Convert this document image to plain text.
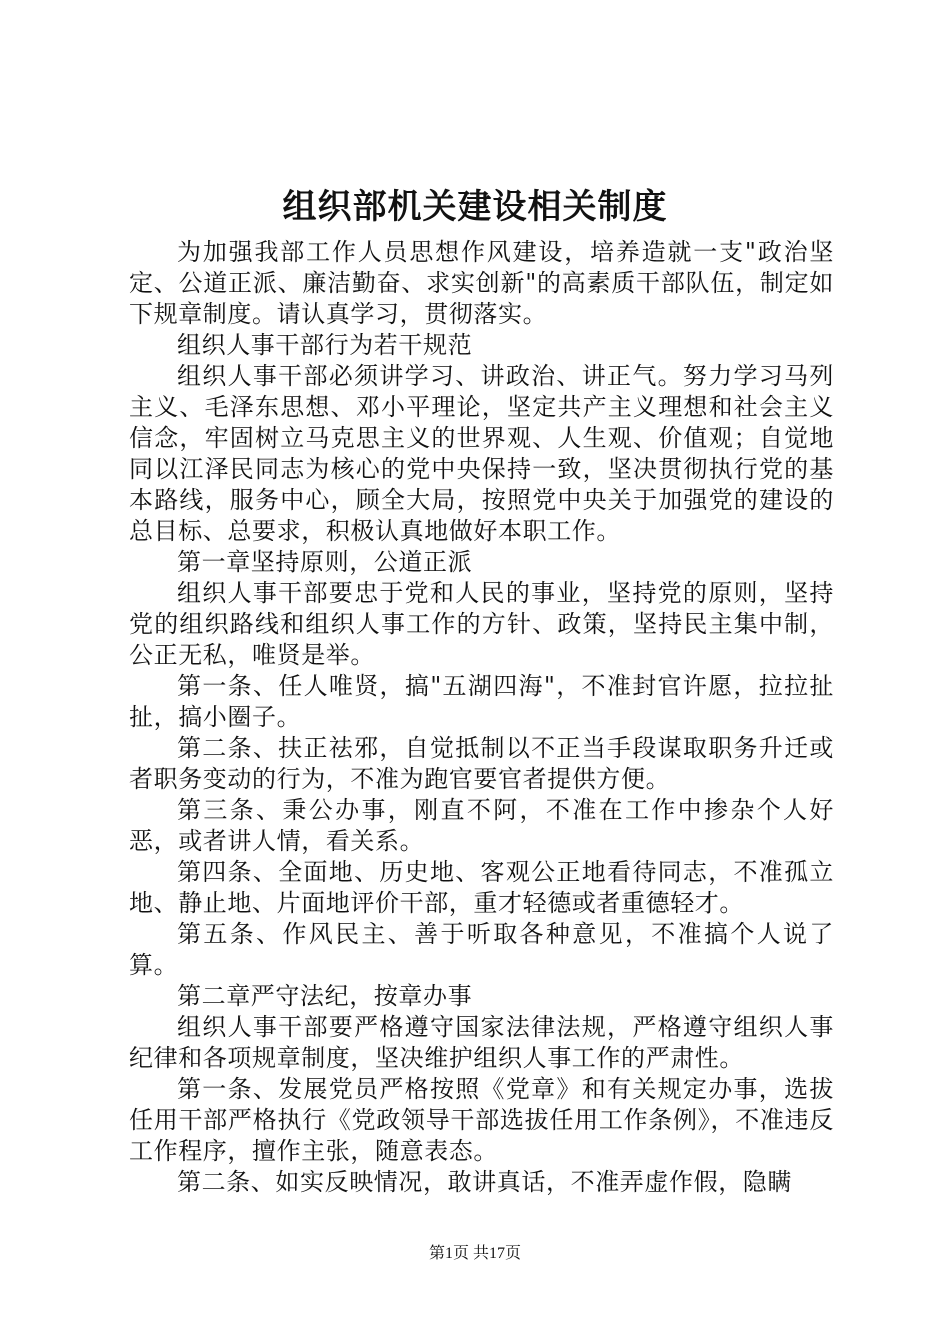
组织部机关建设相关制度

为加强我部工作人员思想作风建设，培养造就一支"政治坚定、公道正派、廉洁勤奋、求实创新"的高素质干部队伍，制定如下规章制度。请认真学习，贯彻落实。

组织人事干部行为若干规范

组织人事干部必须讲学习、讲政治、讲正气。努力学习马列主义、毛泽东思想、邓小平理论，坚定共产主义理想和社会主义信念，牢固树立马克思主义的世界观、人生观、价值观；自觉地同以江泽民同志为核心的党中央保持一致，坚决贯彻执行党的基本路线，服务中心，顾全大局，按照党中央关于加强党的建设的总目标、总要求，积极认真地做好本职工作。

第一章坚持原则，公道正派

组织人事干部要忠于党和人民的事业，坚持党的原则，坚持党的组织路线和组织人事工作的方针、政策，坚持民主集中制，公正无私，唯贤是举。

第一条、任人唯贤，搞"五湖四海"，不准封官许愿，拉拉扯扯，搞小圈子。

第二条、扶正祛邪，自觉抵制以不正当手段谋取职务升迁或者职务变动的行为，不准为跑官要官者提供方便。

第三条、秉公办事，刚直不阿，不准在工作中掺杂个人好恶，或者讲人情，看关系。

第四条、全面地、历史地、客观公正地看待同志，不准孤立地、静止地、片面地评价干部，重才轻德或者重德轻才。

第五条、作风民主、善于听取各种意见，不准搞个人说了算。

第二章严守法纪，按章办事

组织人事干部要严格遵守国家法律法规，严格遵守组织人事纪律和各项规章制度，坚决维护组织人事工作的严肃性。

第一条、发展党员严格按照《党章》和有关规定办事，选拔任用干部严格执行《党政领导干部选拔任用工作条例》，不准违反工作程序，擅作主张，随意表态。

第二条、如实反映情况，敢讲真话，不准弄虚作假，隐瞒

第1页 共17页
